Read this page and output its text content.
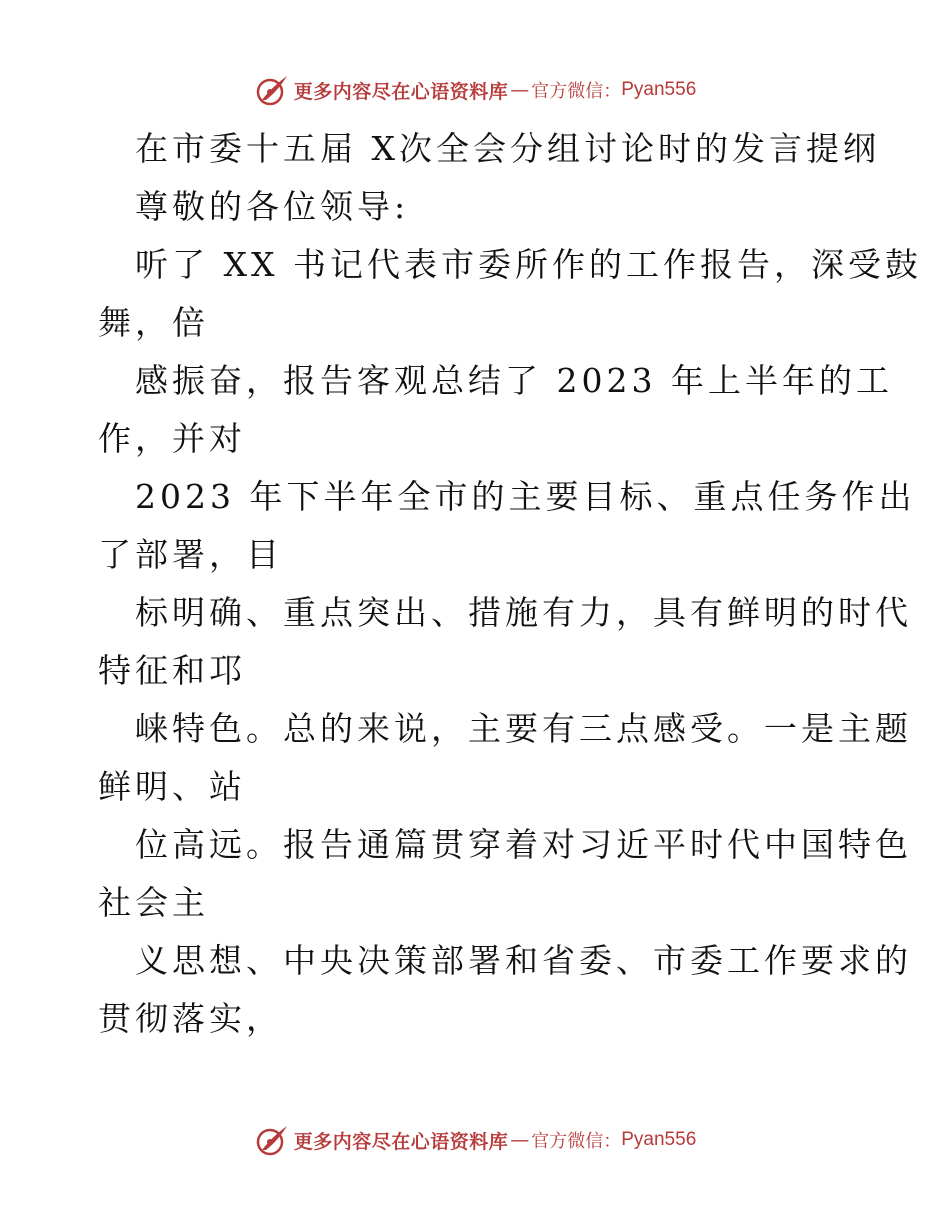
更多内容尽在心语资料库 — 官方微信： Pyan556
在市委十五届 X次全会分组讨论时的发言提纲
尊敬的各位领导:
听了 XX 书记代表市委所作的工作报告，深受鼓
舞，倍
感振奋，报告客观总结了 2023 年上半年的工
作，并对
2023 年下半年全市的主要目标、重点任务作出
了部署，目
标明确、重点突出、措施有力，具有鲜明的时代
特征和邛
崃特色。总的来说，主要有三点感受。一是主题
鲜明、站
位高远。报告通篇贯穿着对习近平时代中国特色
社会主
义思想、中央决策部署和省委、市委工作要求的
贯彻落实，
更多内容尽在心语资料库 — 官方微信： Pyan556
